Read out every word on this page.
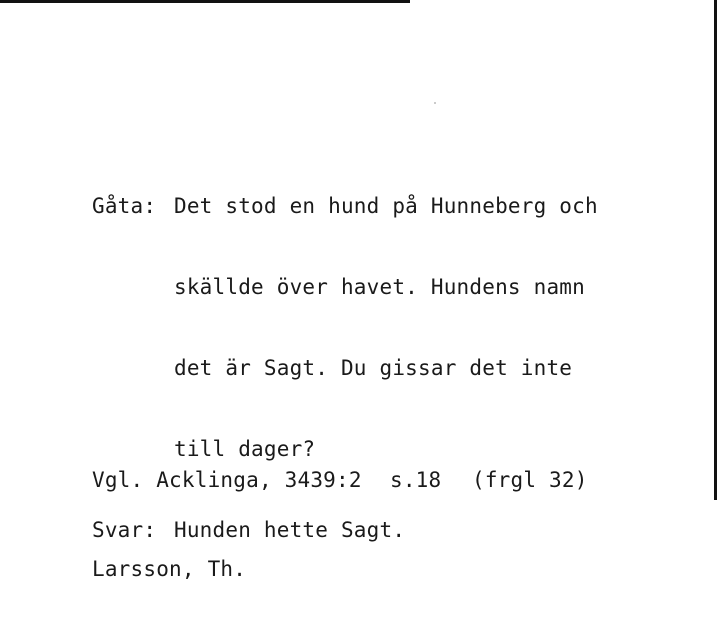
Gåta: Det stod en hund på Hunneberg och

skällde över havet. Hundens namn

det är Sagt. Du gissar det inte

till dager?

Svar: Hunden hette Sagt.

Vgl. Acklinga, 3439:2 s.18 (frgl 32)

Larsson, Th.
